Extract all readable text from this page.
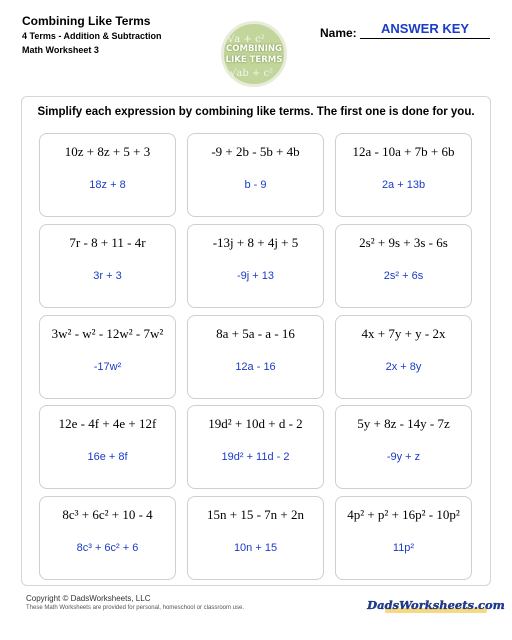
Combining Like Terms
4 Terms - Addition & Subtraction
Math Worksheet 3
√a + c²
COMBINING
LIKE TERMS
√ab + c²
Name:	ANSWER KEY
Simplify each expression by combining like terms. The first one is done for you.
10z + 8z + 5 + 3
18z + 8
-9 + 2b - 5b + 4b
b - 9
12a - 10a + 7b + 6b
2a + 13b
7r - 8 + 11 - 4r
3r + 3
-13j + 8 + 4j + 5
-9j + 13
2s² + 9s + 3s - 6s
2s² + 6s
3w² - w² - 12w² - 7w²
-17w²
8a + 5a - a - 16
12a - 16
4x + 7y + y - 2x
2x + 8y
12e - 4f + 4e + 12f
16e + 8f
19d² + 10d + d - 2
19d² + 11d - 2
5y + 8z - 14y - 7z
-9y + z
8c³ + 6c² + 10 - 4
8c³ + 6c² + 6
15n + 15 - 7n + 2n
10n + 15
4p² + p² + 16p² - 10p²
11p²
Copyright © DadsWorksheets, LLC
These Math Worksheets are provided for personal, homeschool or classroom use.	DadsWorksheets.com
